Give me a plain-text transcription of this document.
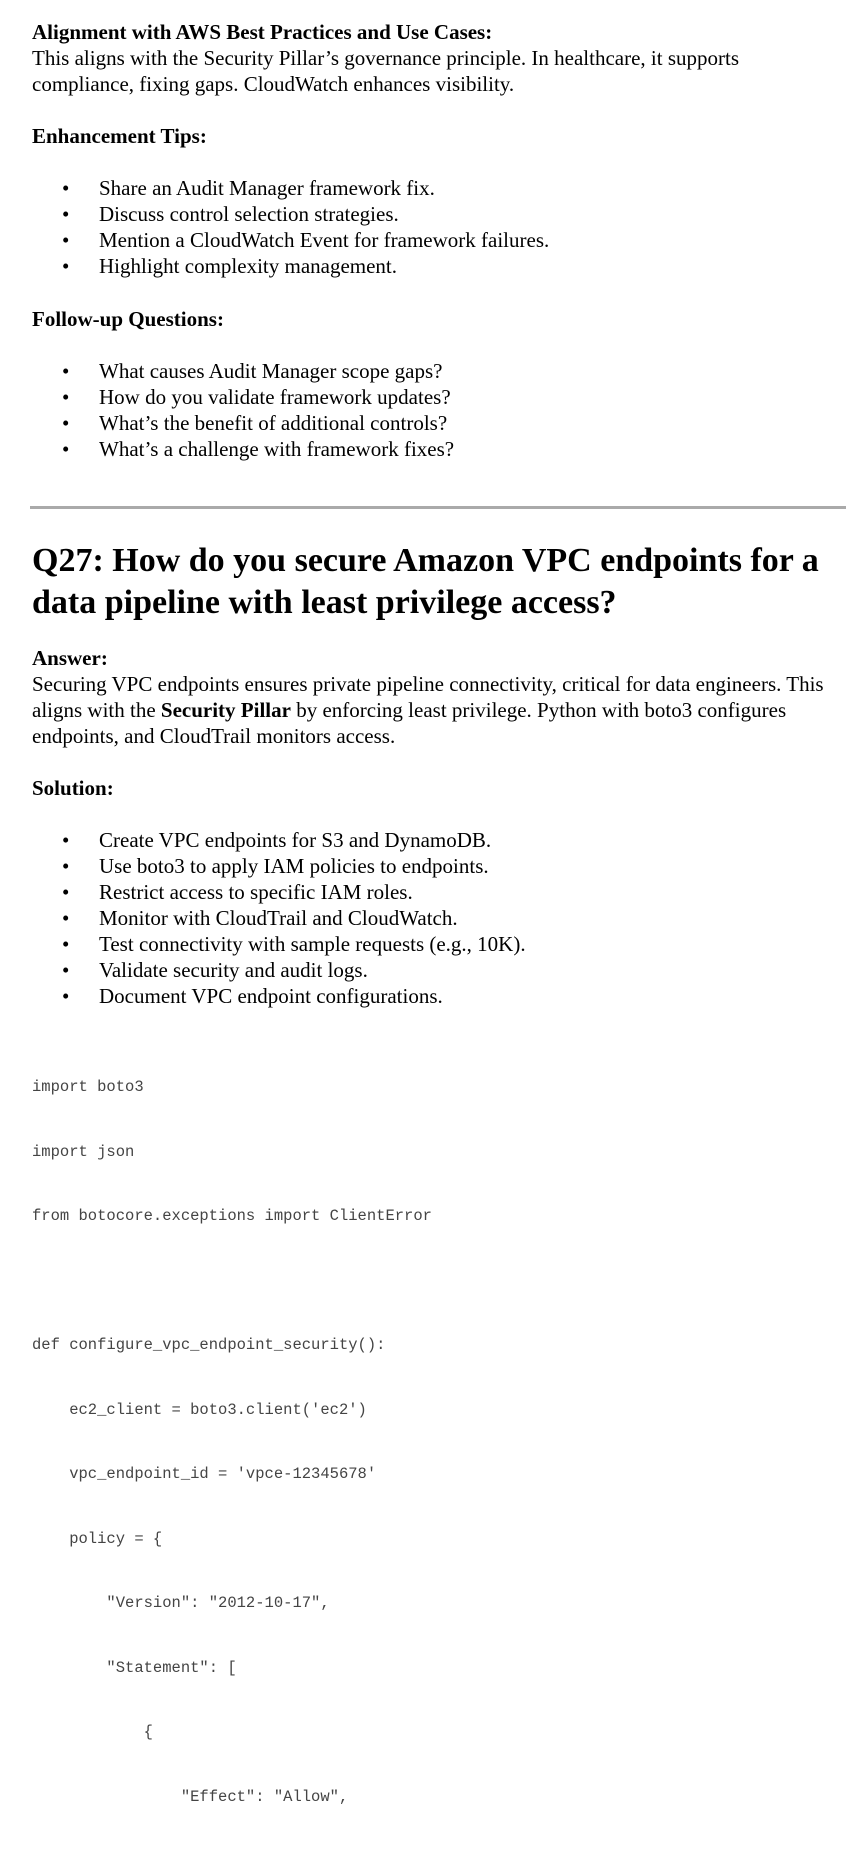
Alignment with AWS Best Practices and Use Cases:

This aligns with the Security Pillar’s governance principle. In healthcare, it supports compliance, fixing gaps. CloudWatch enhances visibility.

Enhancement Tips:

• Share an Audit Manager framework fix.
• Discuss control selection strategies.
• Mention a CloudWatch Event for framework failures.
• Highlight complexity management.

Follow-up Questions:

• What causes Audit Manager scope gaps?
• How do you validate framework updates?
• What’s the benefit of additional controls?
• What’s a challenge with framework fixes?
Q27: How do you secure Amazon VPC endpoints for a data pipeline with least privilege access?

Answer:

Securing VPC endpoints ensures private pipeline connectivity, critical for data engineers. This aligns with the Security Pillar by enforcing least privilege. Python with boto3 configures endpoints, and CloudTrail monitors access.

Solution:

• Create VPC endpoints for S3 and DynamoDB.
• Use boto3 to apply IAM policies to endpoints.
• Restrict access to specific IAM roles.
• Monitor with CloudTrail and CloudWatch.
• Test connectivity with sample requests (e.g., 10K).
• Validate security and audit logs.
• Document VPC endpoint configurations.

import boto3

import json

from botocore.exceptions import ClientError

def configure_vpc_endpoint_security():

ec2_client = boto3.client('ec2')

vpc_endpoint_id = 'vpce-12345678'

policy = {

"Version": "2012-10-17",

"Statement": [

{

"Effect": "Allow",
